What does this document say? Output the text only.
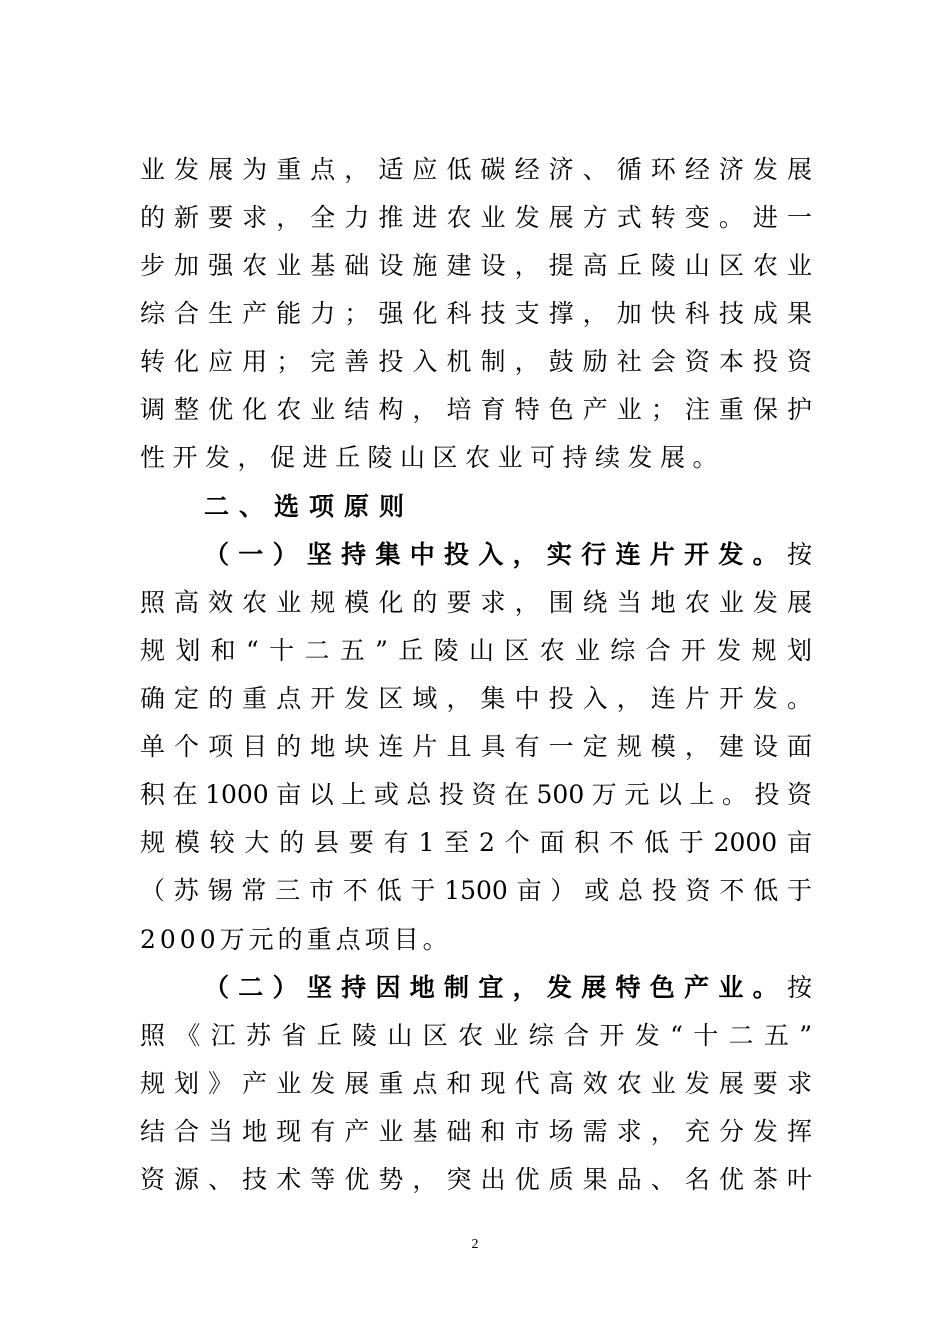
业发展为重点，适应低碳经济、循环经济发展
的新要求，全力推进农业发展方式转变。进一
步加强农业基础设施建设，提高丘陵山区农业
综合生产能力；强化科技支撑，加快科技成果
转化应用；完善投入机制，鼓励社会资本投资
调整优化农业结构，培育特色产业；注重保护
性开发，促进丘陵山区农业可持续发展。
二、选项原则
（一）坚持集中投入，实行连片开发。按
照高效农业规模化的要求，围绕当地农业发展
规划和“十二五”丘陵山区农业综合开发规划
确定的重点开发区域，集中投入，连片开发。
单个项目的地块连片且具有一定规模，建设面
积在1000亩以上或总投资在500万元以上。投资
规模较大的县要有1至2个面积不低于2000亩
（苏锡常三市不低于1500亩）或总投资不低于
2000万元的重点项目。
（二）坚持因地制宜，发展特色产业。按
照《江苏省丘陵山区农业综合开发“十二五”
规划》产业发展重点和现代高效农业发展要求
结合当地现有产业基础和市场需求，充分发挥
资源、技术等优势，突出优质果品、名优茶叶
2
